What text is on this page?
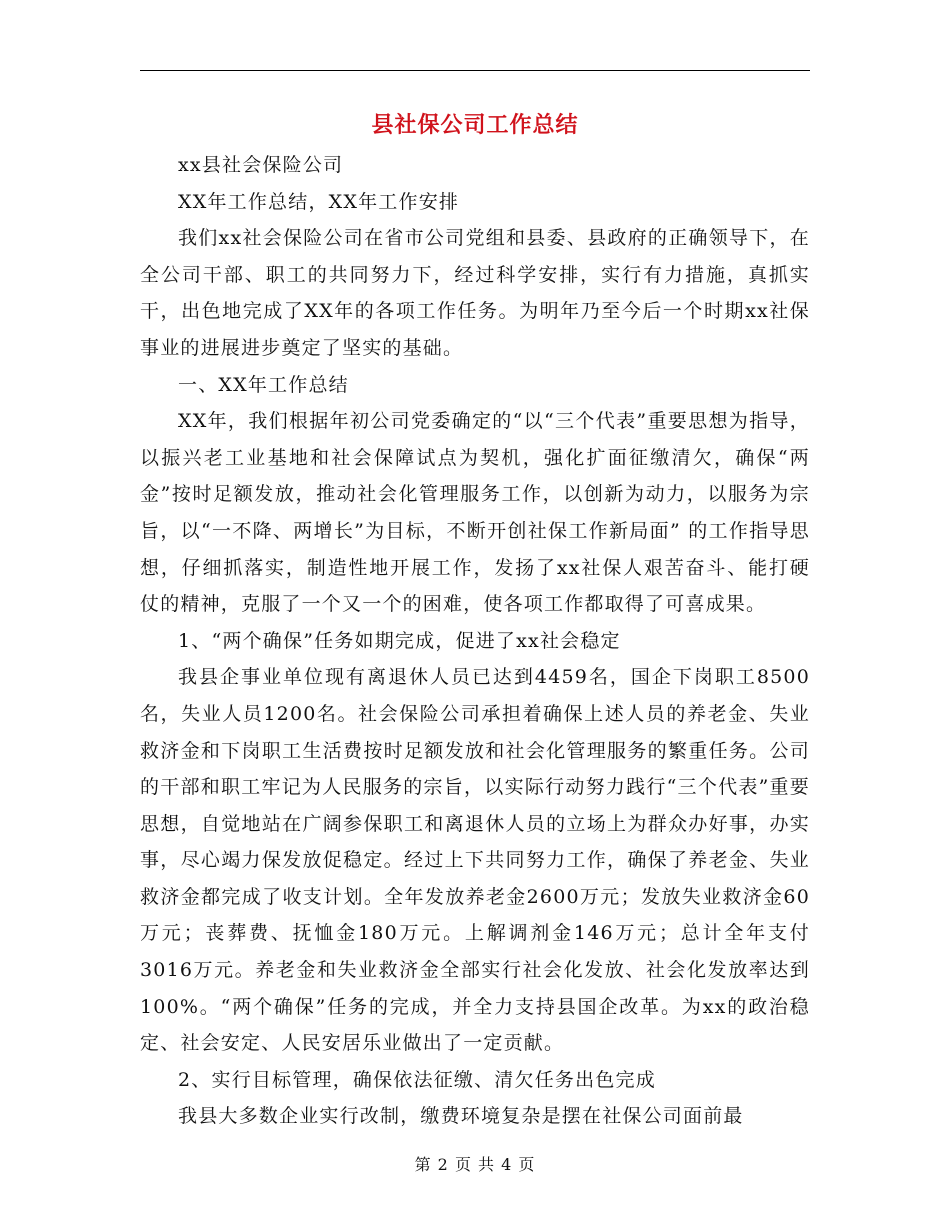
县社保公司工作总结

xx县社会保险公司

XX年工作总结，XX年工作安排

我们xx社会保险公司在省市公司党组和县委、县政府的正确领导下，在全公司干部、职工的共同努力下，经过科学安排，实行有力措施，真抓实干，出色地完成了XX年的各项工作任务。为明年乃至今后一个时期xx社保事业的进展进步奠定了坚实的基础。

一、XX年工作总结

XX年，我们根据年初公司党委确定的“以“三个代表”重要思想为指导，以振兴老工业基地和社会保障试点为契机，强化扩面征缴清欠，确保“两金”按时足额发放，推动社会化管理服务工作，以创新为动力，以服务为宗旨，以“一不降、两增长”为目标，不断开创社保工作新局面” 的工作指导思想，仔细抓落实，制造性地开展工作，发扬了xx社保人艰苦奋斗、能打硬仗的精神，克服了一个又一个的困难，使各项工作都取得了可喜成果。

1、“两个确保”任务如期完成，促进了xx社会稳定

我县企事业单位现有离退休人员已达到4459名，国企下岗职工8500名，失业人员1200名。社会保险公司承担着确保上述人员的养老金、失业救济金和下岗职工生活费按时足额发放和社会化管理服务的繁重任务。公司的干部和职工牢记为人民服务的宗旨，以实际行动努力践行“三个代表”重要思想，自觉地站在广阔参保职工和离退休人员的立场上为群众办好事，办实事，尽心竭力保发放促稳定。经过上下共同努力工作，确保了养老金、失业救济金都完成了收支计划。全年发放养老金2600万元；发放失业救济金60万元；丧葬费、抚恤金180万元。上解调剂金146万元；总计全年支付3016万元。养老金和失业救济金全部实行社会化发放、社会化发放率达到100%。“两个确保”任务的完成，并全力支持县国企改革。为xx的政治稳定、社会安定、人民安居乐业做出了一定贡献。

2、实行目标管理，确保依法征缴、清欠任务出色完成

我县大多数企业实行改制，缴费环境复杂是摆在社保公司面前最

第 2 页 共 4 页
